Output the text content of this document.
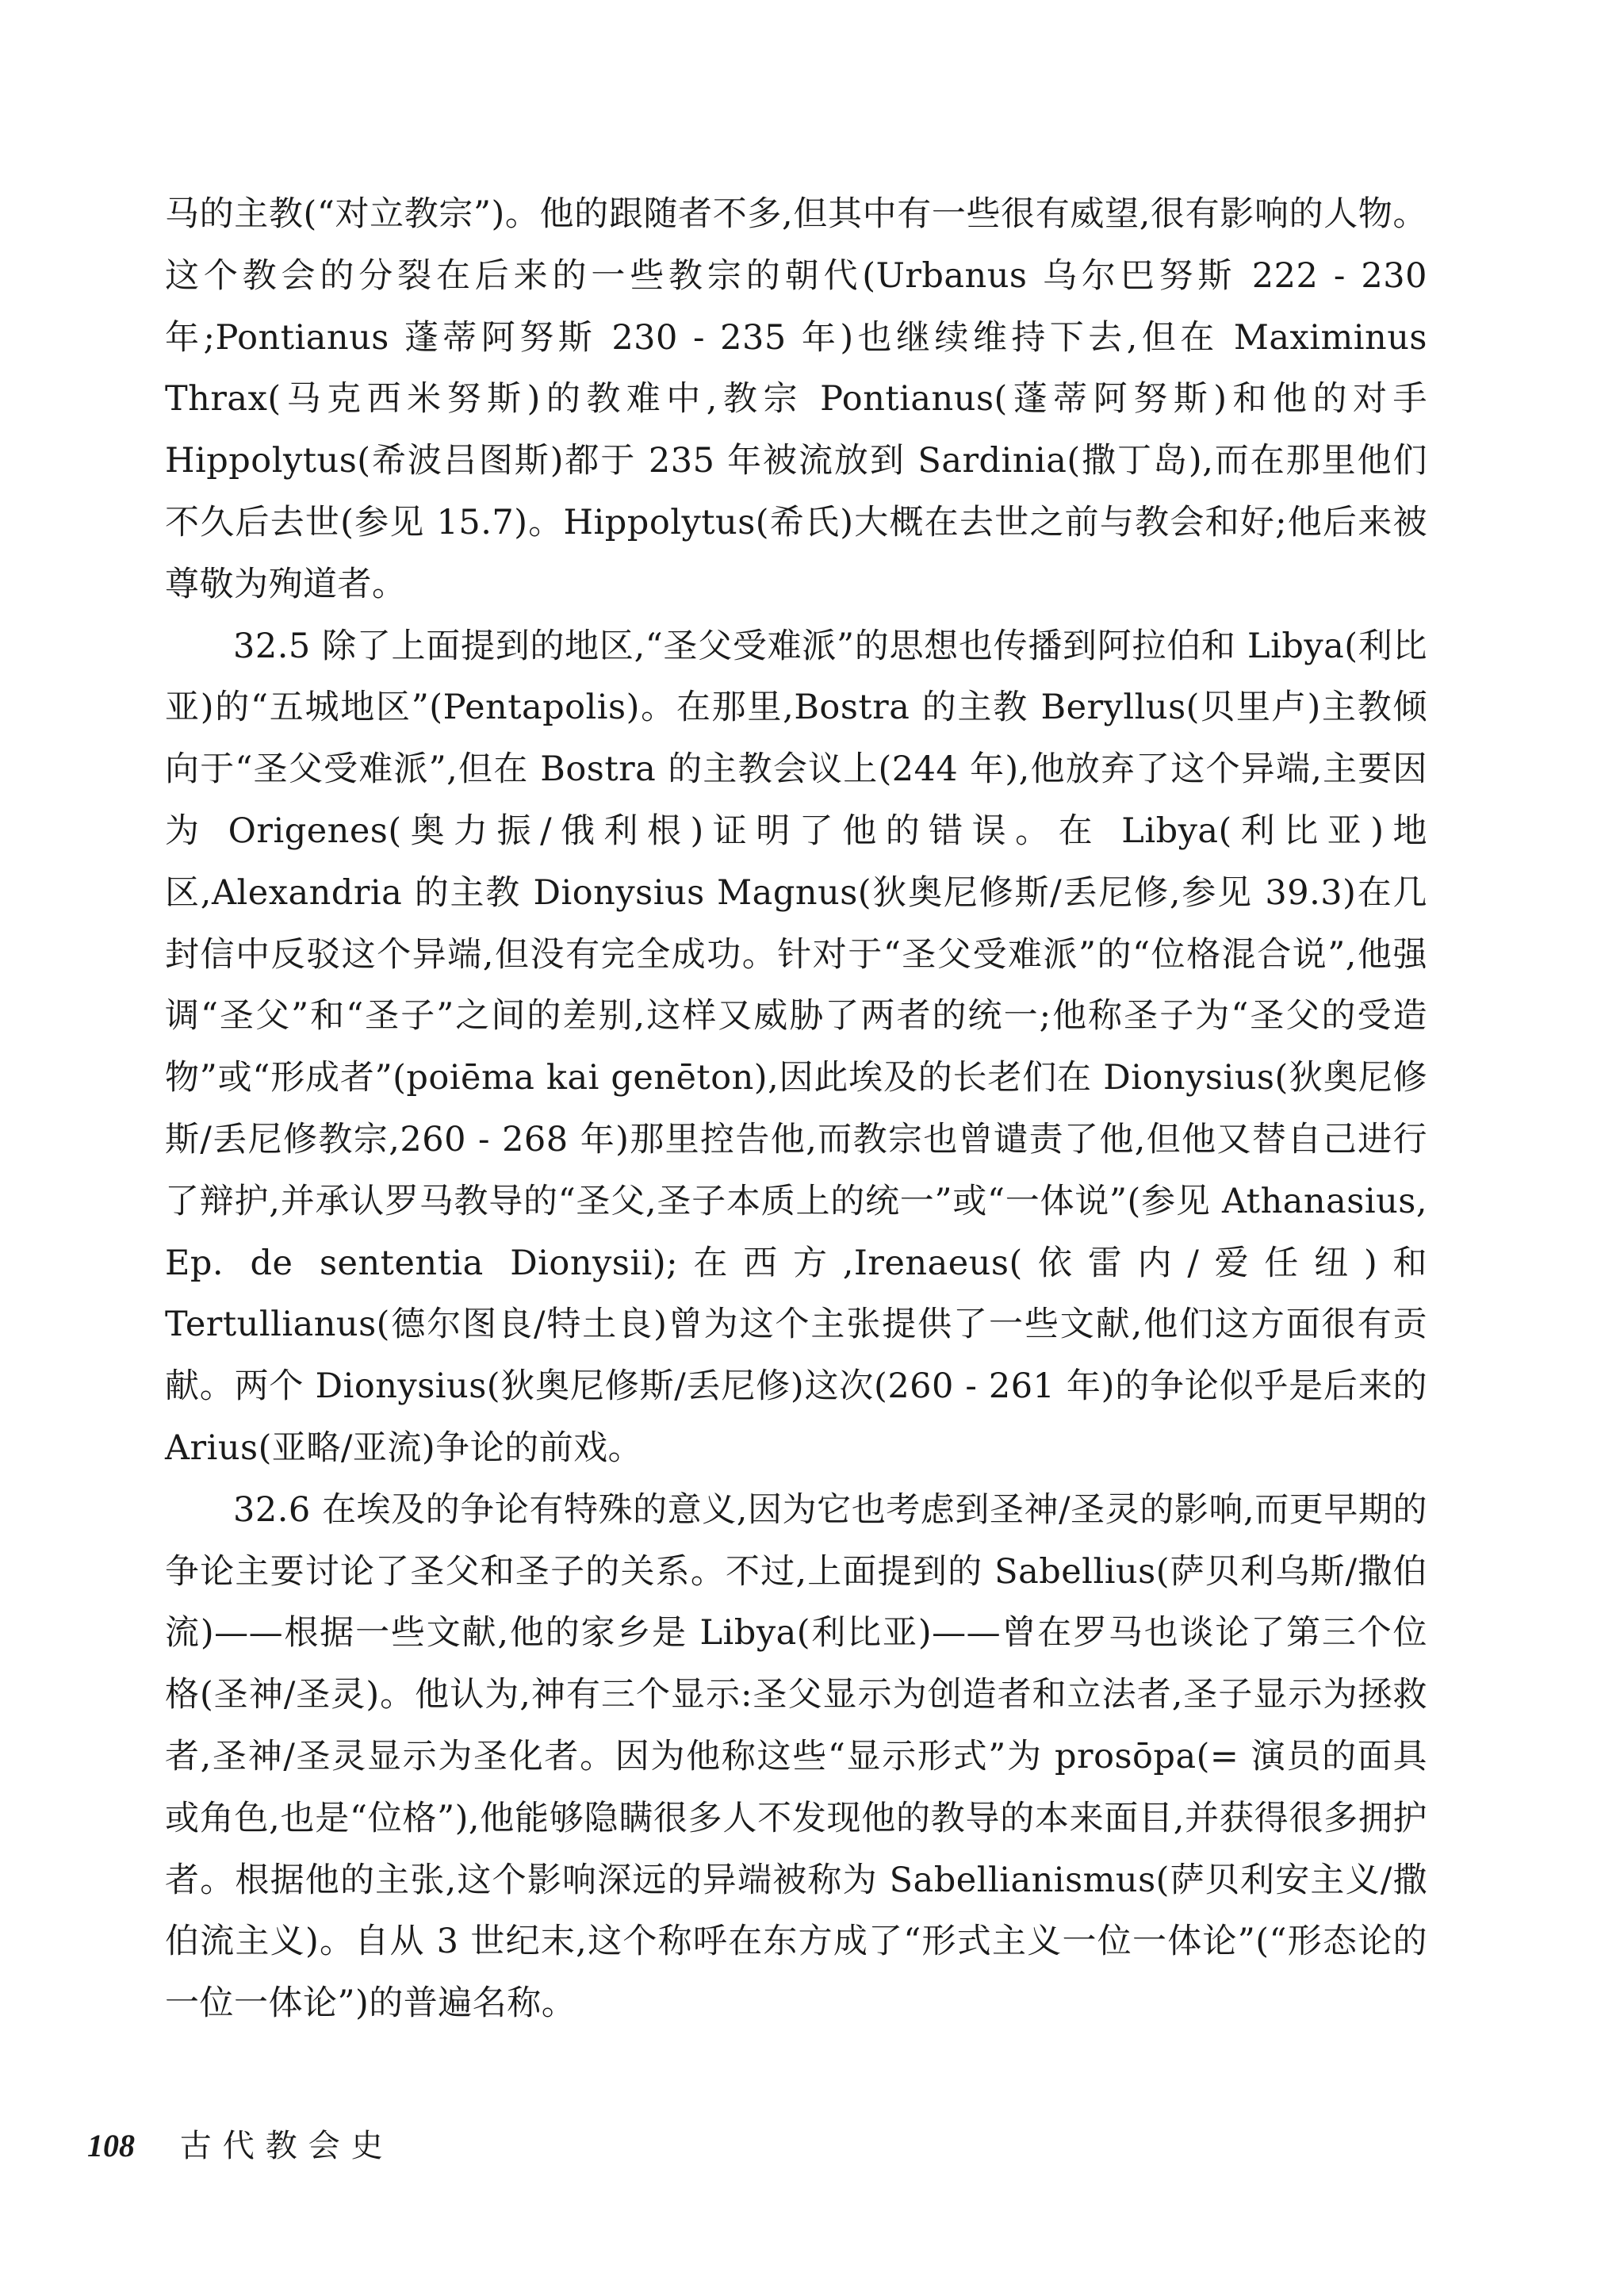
马的主教(“对立教宗”)。他的跟随者不多,但其中有一些很有威望,很有影响的人物。这个教会的分裂在后来的一些教宗的朝代(Urbanus 乌尔巴努斯 222 - 230 年;Pontianus 蓬蒂阿努斯 230 - 235 年)也继续维持下去,但在 Maximinus Thrax(马克西米努斯)的教难中,教宗 Pontianus(蓬蒂阿努斯)和他的对手 Hippolytus(希波吕图斯)都于 235 年被流放到 Sardinia(撒丁岛),而在那里他们不久后去世(参见 15.7)。Hippolytus(希氏)大概在去世之前与教会和好;他后来被尊敬为殉道者。

32.5 除了上面提到的地区,“圣父受难派”的思想也传播到阿拉伯和 Libya(利比亚)的“五城地区”(Pentapolis)。在那里,Bostra 的主教 Beryllus(贝里卢)主教倾向于“圣父受难派”,但在 Bostra 的主教会议上(244 年),他放弃了这个异端,主要因为 Origenes(奥力振/俄利根)证明了他的错误。在 Libya(利比亚)地区,Alexandria 的主教 Dionysius Magnus(狄奥尼修斯/丢尼修,参见 39.3)在几封信中反驳这个异端,但没有完全成功。针对于“圣父受难派”的“位格混合说”,他强调“圣父”和“圣子”之间的差别,这样又威胁了两者的统一;他称圣子为“圣父的受造物”或“形成者”(poiēma kai genēton),因此埃及的长老们在 Dionysius(狄奥尼修斯/丢尼修教宗,260 - 268 年)那里控告他,而教宗也曾谴责了他,但他又替自己进行了辩护,并承认罗马教导的“圣父,圣子本质上的统一”或“一体说”(参见 Athanasius, Ep. de sententia Dionysii);在西方,Irenaeus(依雷内/爱任纽)和 Tertullianus(德尔图良/特土良)曾为这个主张提供了一些文献,他们这方面很有贡献。两个 Dionysius(狄奥尼修斯/丢尼修)这次(260 - 261 年)的争论似乎是后来的 Arius(亚略/亚流)争论的前戏。

32.6 在埃及的争论有特殊的意义,因为它也考虑到圣神/圣灵的影响,而更早期的争论主要讨论了圣父和圣子的关系。不过,上面提到的 Sabellius(萨贝利乌斯/撒伯流)——根据一些文献,他的家乡是 Libya(利比亚)——曾在罗马也谈论了第三个位格(圣神/圣灵)。他认为,神有三个显示:圣父显示为创造者和立法者,圣子显示为拯救者,圣神/圣灵显示为圣化者。因为他称这些“显示形式”为 prosōpa(= 演员的面具或角色,也是“位格”),他能够隐瞒很多人不发现他的教导的本来面目,并获得很多拥护者。根据他的主张,这个影响深远的异端被称为 Sabellianismus(萨贝利安主义/撒伯流主义)。自从 3 世纪末,这个称呼在东方成了“形式主义一位一体论”(“形态论的一位一体论”)的普遍名称。

108 古代教会史
